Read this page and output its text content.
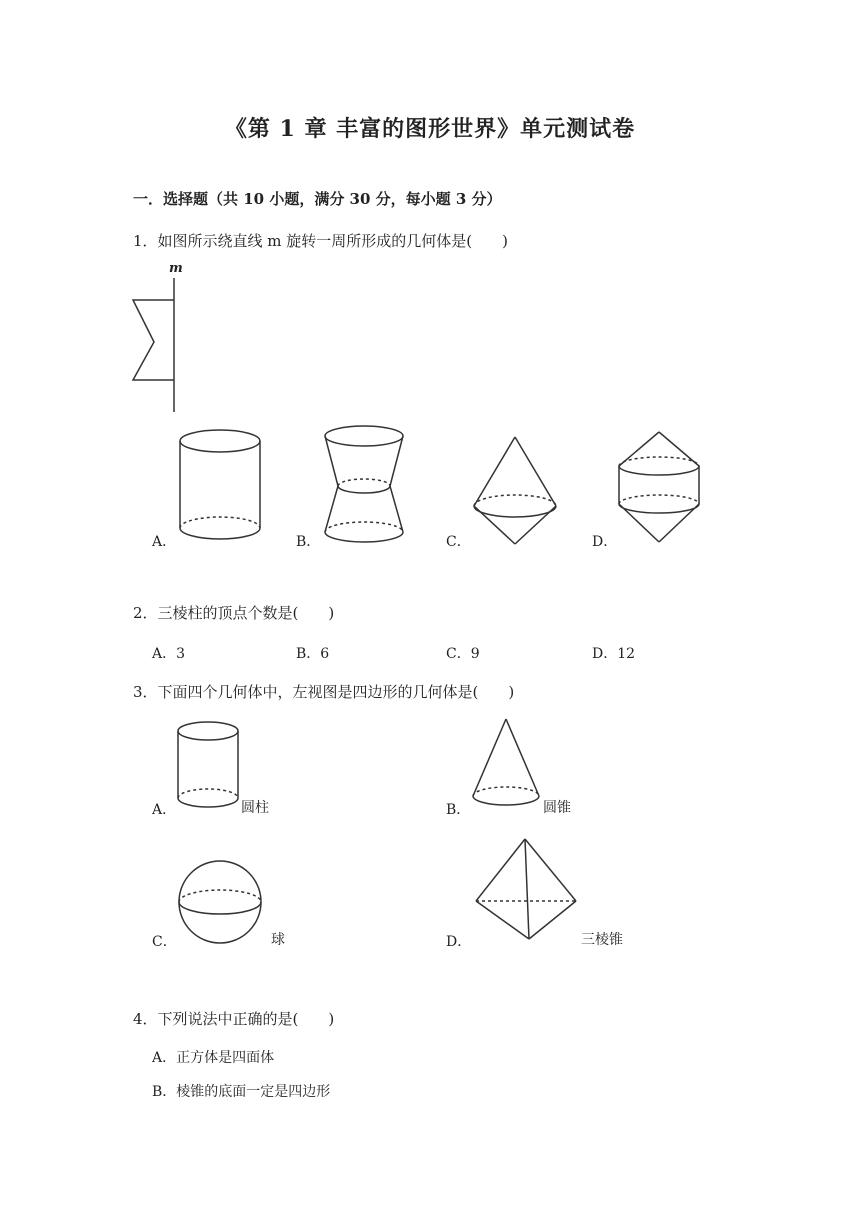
《第 1 章 丰富的图形世界》单元测试卷
一．选择题（共 10 小题，满分 30 分，每小题 3 分）
1．如图所示绕直线 m 旋转一周所形成的几何体是(　　)
m
A．	B．	C．	D．
2．三棱柱的顶点个数是(　　)
A．3	B．6	C．9	D．12
3．下面四个几何体中，左视图是四边形的几何体是(　　)
A．	圆柱	B．	圆锥
C．	球	D．	三棱锥
4．下列说法中正确的是(　　)
A．正方体是四面体
B．棱锥的底面一定是四边形
